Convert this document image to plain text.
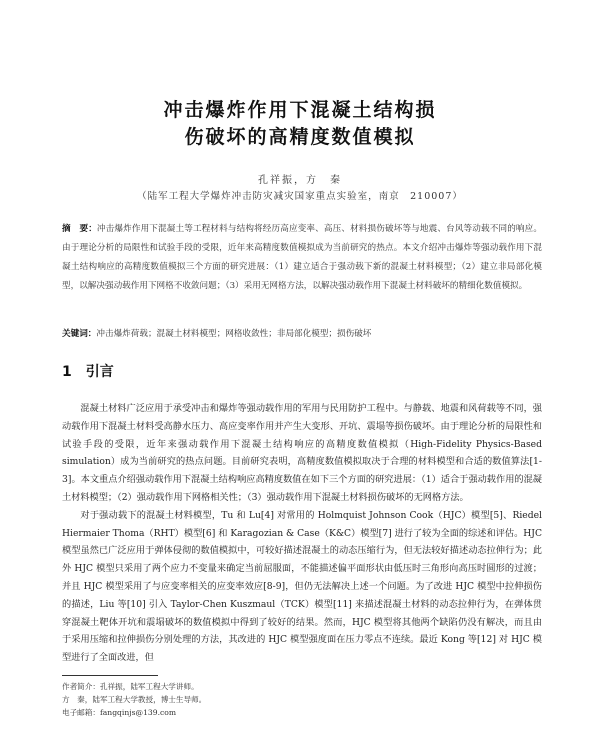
冲击爆炸作用下混凝土结构损
伤破坏的高精度数值模拟
孔祥振，方　秦
（陆军工程大学爆炸冲击防灾减灾国家重点实验室，南京　210007）

摘　要：冲击爆炸作用下混凝土等工程材料与结构将经历高应变率、高压、材料损伤破坏等与地震、台风等动载不同的响应。由于理论分析的局限性和试验手段的受限，近年来高精度数值模拟成为当前研究的热点。本文介绍冲击爆炸等强动载作用下混凝土结构响应的高精度数值模拟三个方面的研究进展：（1）建立适合于强动载下新的混凝土材料模型；（2）建立非局部化模型，以解决强动载作用下网格不收敛问题；（3）采用无网格方法，以解决强动载作用下混凝土材料破坏的精细化数值模拟。

关键词：冲击爆炸荷载；混凝土材料模型；网格收敛性；非局部化模型；损伤破坏

1 引言

混凝土材料广泛应用于承受冲击和爆炸等强动载作用的军用与民用防护工程中。与静载、地震和风荷载等不同，强动载作用下混凝土材料受高静水压力、高应变率作用并产生大变形、开坑、震塌等损伤破坏。由于理论分析的局限性和试验手段的受限，近年来强动载作用下混凝土结构响应的高精度数值模拟（High-Fidelity Physics-Based simulation）成为当前研究的热点问题。目前研究表明，高精度数值模拟取决于合理的材料模型和合适的数值算法[1-3]。本文重点介绍强动载作用下混凝土结构响应高精度数值在如下三个方面的研究进展：（1）适合于强动载作用的混凝土材料模型；（2）强动载作用下网格相关性；（3）强动载作用下混凝土材料损伤破坏的无网格方法。

对于强动载下的混凝土材料模型，Tu 和 Lu[4] 对常用的 Holmquist Johnson Cook（HJC）模型[5]、Riedel Hiermaier Thoma（RHT）模型[6] 和 Karagozian & Case（K&C）模型[7] 进行了较为全面的综述和评估。HJC 模型虽然已广泛应用于弹体侵彻的数值模拟中，可较好描述混凝土的动态压缩行为，但无法较好描述动态拉伸行为；此外 HJC 模型只采用了两个应力不变量来确定当前屈服面，不能描述偏平面形状由低压时三角形向高压时圆形的过渡；并且 HJC 模型采用了与应变率相关的应变率效应[8-9]，但仍无法解决上述一个问题。为了改进 HJC 模型中拉伸损伤的描述，Liu 等[10] 引入 Taylor-Chen Kuszmaul（TCK）模型[11] 来描述混凝土材料的动态拉伸行为，在弹体贯穿混凝土靶体开坑和震塌破坏的数值模拟中得到了较好的结果。然而，HJC 模型将其他两个缺陷仍没有解决，而且由于采用压缩和拉伸损伤分别处理的方法，其改进的 HJC 模型强度面在压力零点不连续。最近 Kong 等[12] 对 HJC 模型进行了全面改进，但

作者简介：孔祥振，陆军工程大学讲师。
方　秦，陆军工程大学教授，博士生导师。
电子邮箱：fangqinjs@139.com
